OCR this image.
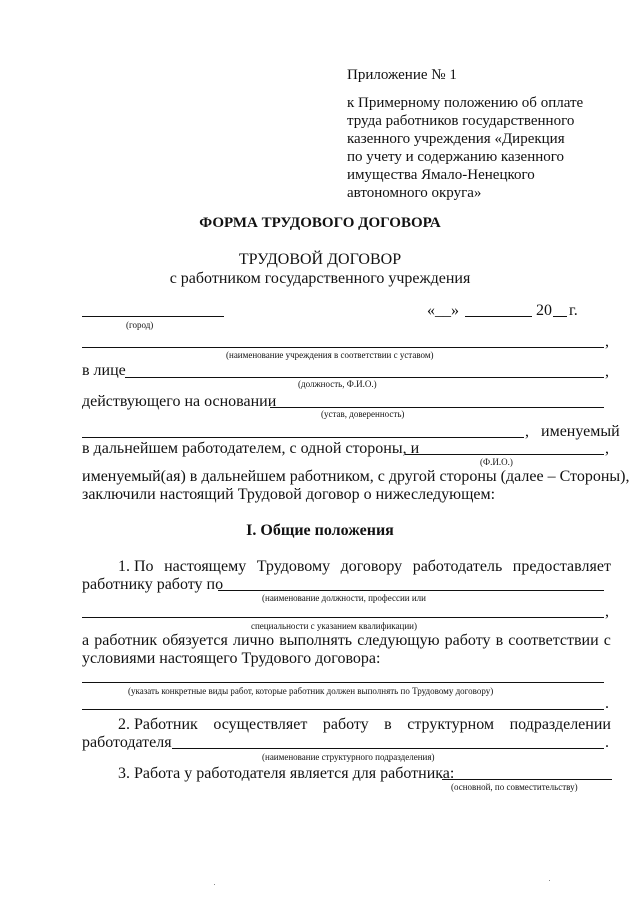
Приложение № 1
к Примерному положению об оплате
труда работников государственного
казенного учреждения «Дирекция
по учету и содержанию казенного
имущества Ямало-Ненецкого
автономного округа»
ФОРМА ТРУДОВОГО ДОГОВОРА
ТРУДОВОЙ ДОГОВОР
с работником государственного учреждения
(город)
«__»	20 г.
,
(наименование учреждения в соответствии с уставом)
в лице	,
(должность, Ф.И.О.)
действующего на основании
(устав, доверенность)
, именуемый
в дальнейшем работодателем, с одной стороны, и	,
(Ф.И.О.)
именуемый(ая) в дальнейшем работником, с другой стороны (далее – Стороны),
заключили настоящий Трудовой договор о нижеследующем:
I. Общие положения
1. По настоящему Трудовому договору работодатель предоставляет
работнику работу по
(наименование должности, профессии или
,
специальности с указанием квалификации)
а работник обязуется лично выполнять следующую работу в соответствии с
условиями настоящего Трудового договора:
(указать конкретные виды работ, которые работник должен выполнять по Трудовому договору)
.
2. Работник осуществляет работу в структурном подразделении
работодателя	.
(наименование структурного подразделения)
3. Работа у работодателя является для работника:
(основной, по совместительству)
